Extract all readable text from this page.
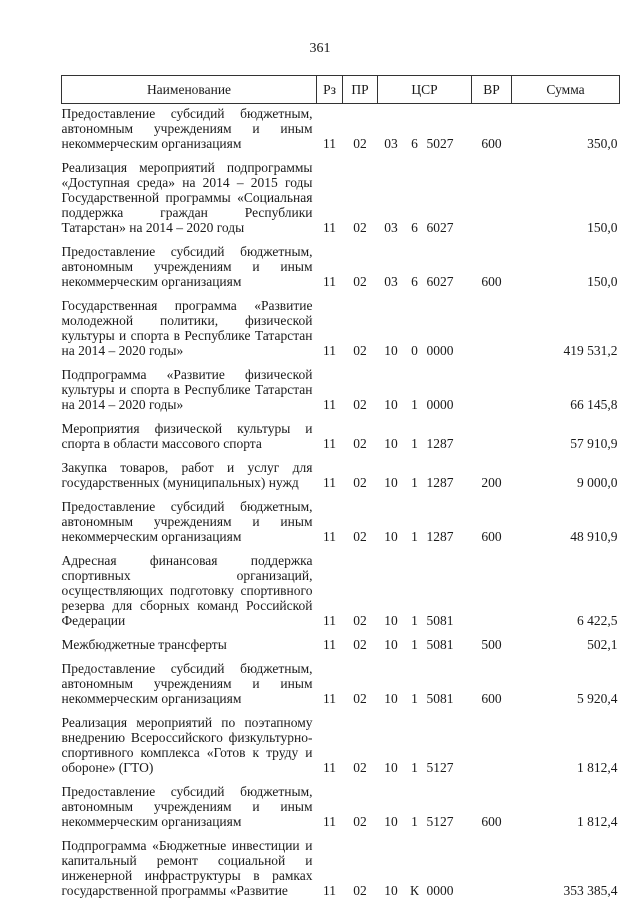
361
Наименование	Рз	ПР	ЦСР			ВР	Сумма
Предоставление субсидий бюджетным, автономным учреждениям и иным некоммерческим организациям	11	02	03	6	5027	600	350,0
Реализация мероприятий подпрограммы «Доступная среда» на 2014 – 2015 годы Государственной программы «Социальная поддержка граждан Республики Татарстан» на 2014 – 2020 годы	11	02	03	6	6027		150,0
Предоставление субсидий бюджетным, автономным учреждениям и иным некоммерческим организациям	11	02	03	6	6027	600	150,0
Государственная программа «Развитие молодежной политики, физической культуры и спорта в Республике Татарстан на 2014 – 2020 годы»	11	02	10	0	0000		419 531,2
Подпрограмма «Развитие физической культуры и спорта в Республике Татарстан на 2014 – 2020 годы»	11	02	10	1	0000		66 145,8
Мероприятия физической культуры и спорта в области массового спорта	11	02	10	1	1287		57 910,9
Закупка товаров, работ и услуг для государственных (муниципальных) нужд	11	02	10	1	1287	200	9 000,0
Предоставление субсидий бюджетным, автономным учреждениям и иным некоммерческим организациям	11	02	10	1	1287	600	48 910,9
Адресная финансовая поддержка спортивных организаций, осуществляющих подготовку спортивного резерва для сборных команд Российской Федерации	11	02	10	1	5081		6 422,5
Межбюджетные трансферты	11	02	10	1	5081	500	502,1
Предоставление субсидий бюджетным, автономным учреждениям и иным некоммерческим организациям	11	02	10	1	5081	600	5 920,4
Реализация мероприятий по поэтапному внедрению Всероссийского физкультурно-спортивного комплекса «Готов к труду и обороне» (ГТО)	11	02	10	1	5127		1 812,4
Предоставление субсидий бюджетным, автономным учреждениям и иным некоммерческим организациям	11	02	10	1	5127	600	1 812,4
Подпрограмма «Бюджетные инвестиции и капитальный ремонт социальной и инженерной инфраструктуры в рамках государственной программы «Развитие	11	02	10	К	0000		353 385,4
